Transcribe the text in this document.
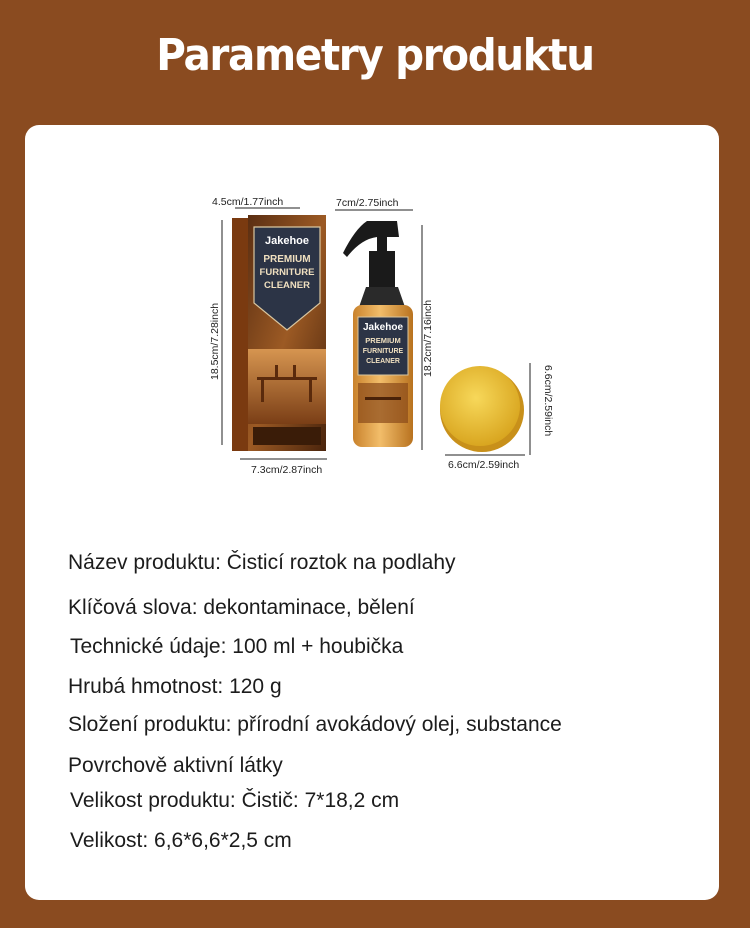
Parametry produktu
4.5cm/1.77inch
18.5cm/7.28inch
Jakehoe
PREMIUM
FURNITURE
CLEANER
7.3cm/2.87inch
7cm/2.75inch
Jakehoe
PREMIUM
FURNITURE
CLEANER 18.2cm/7.16inch
6.6cm/2.59inch
6.6cm/2.59inch
Název produktu: Čisticí roztok na podlahy
Klíčová slova: dekontaminace, bělení
Technické údaje: 100 ml + houbička
Hrubá hmotnost: 120 g
Složení produktu: přírodní avokádový olej, substance
Povrchově aktivní látky
Velikost produktu: Čistič: 7*18,2 cm
Velikost: 6,6*6,6*2,5 cm
